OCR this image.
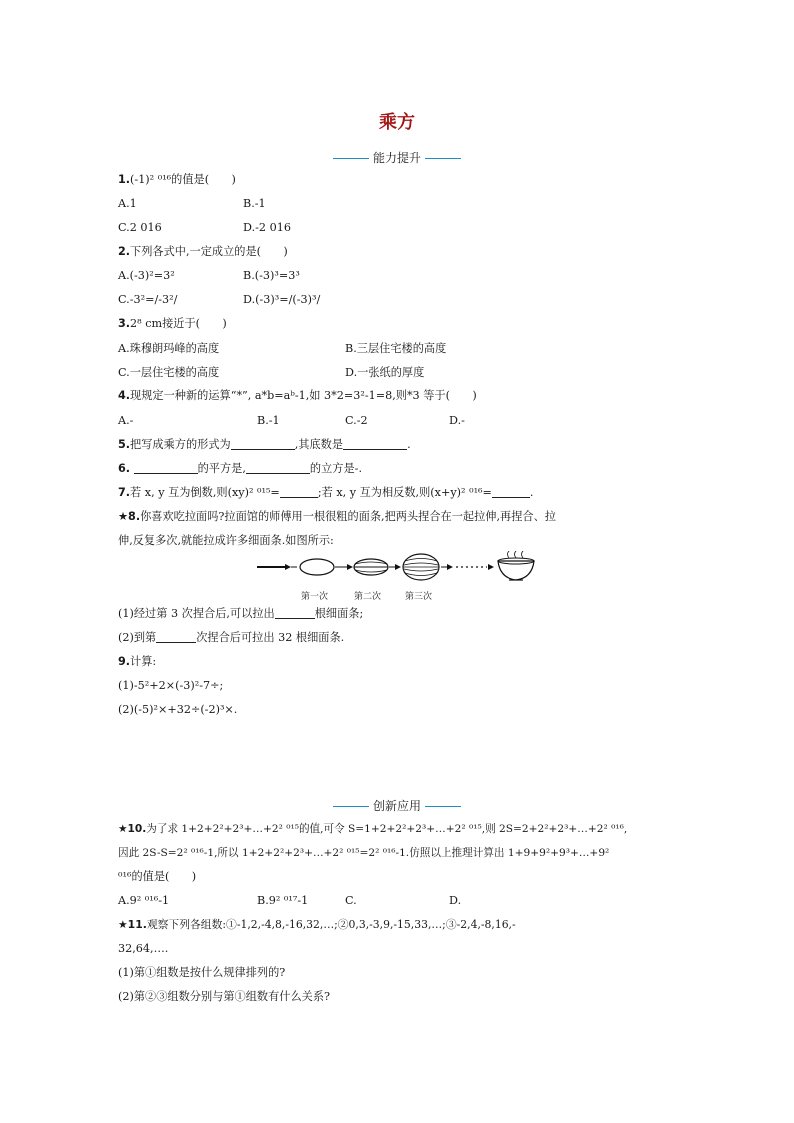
乘方
能力提升
1.(-1)² ⁰¹⁶的值是(　　)
A.1	B.-1
C.2 016	D.-2 016
2.下列各式中,一定成立的是(　　)
A.(-3)²=3²	B.(-3)³=3³
C.-3²=/-3²/	D.(-3)³=/(-3)³/
3.2⁸ cm接近于(　　)
A.珠穆朗玛峰的高度	B.三层住宅楼的高度
C.一层住宅楼的高度	D.一张纸的厚度
4.现规定一种新的运算“*”, a*b=aᵇ-1,如 3*2=3²-1=8,则*3 等于(　　)
A.-	B.-1	C.-2	D.-
5.把写成乘方的形式为	,其底数是	.
6.	的平方是,	的立方是-.
7.若 x, y 互为倒数,则(xy)² ⁰¹⁵=	;若 x, y 互为相反数,则(x+y)² ⁰¹⁶=	.
★8.你喜欢吃拉面吗?拉面馆的师傅用一根很粗的面条,把两头捏合在一起拉伸,再捏合、拉
伸,反复多次,就能拉成许多细面条.如图所示:
第一次	第二次	第三次
(1)经过第 3 次捏合后,可以拉出	根细面条;
(2)到第	次捏合后可拉出 32 根细面条.
9.计算:
(1)-5²+2×(-3)²-7÷;
(2)(-5)²×+32÷(-2)³×.
创新应用
★10.为了求 1+2+2²+2³+…+2² ⁰¹⁵的值,可令 S=1+2+2²+2³+…+2² ⁰¹⁵,则 2S=2+2²+2³+…+2² ⁰¹⁶,
因此 2S-S=2² ⁰¹⁶-1,所以 1+2+2²+2³+…+2² ⁰¹⁵=2² ⁰¹⁶-1.仿照以上推理计算出 1+9+9²+9³+…+9²
⁰¹⁶的值是(　　)
A.9² ⁰¹⁶-1	B.9² ⁰¹⁷-1	C.	D.
★11.观察下列各组数:①-1,2,-4,8,-16,32,…;②0,3,-3,9,-15,33,…;③-2,4,-8,16,-
32,64,….
(1)第①组数是按什么规律排列的?
(2)第②③组数分别与第①组数有什么关系?
